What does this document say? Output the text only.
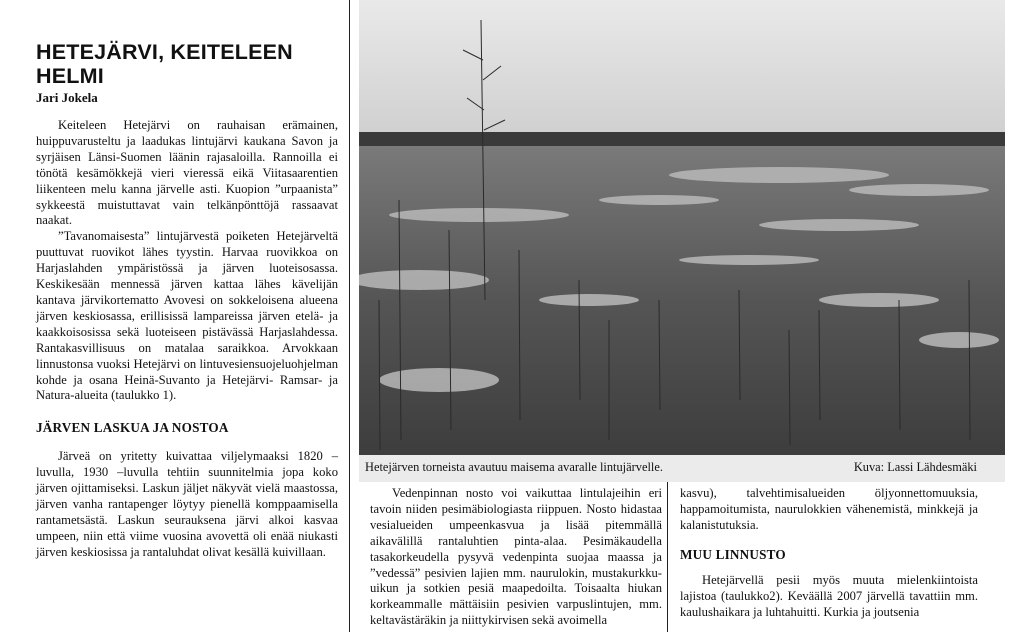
HETEJÄRVI, KEITELEEN HELMI
Jari Jokela

Keiteleen Hetejärvi on rauhaisan erämainen, huippuvarusteltu ja laadukas lintujärvi kaukana Savon ja syrjäisen Länsi-Suomen läänin rajasaloilla. Rannoilla ei tönötä kesämökkejä vieri vieressä eikä Viitasaarentien liikenteen melu kanna järvelle asti. Kuopion ”urpaanista” sykkeestä muistuttavat vain telkänpönttöjä rassaavat naakat.

”Tavanomaisesta” lintujärvestä poiketen Hetejärveltä puuttuvat ruovikot lähes tyystin. Harvaa ruovikkoa on Harjaslahden ympäristössä ja järven luoteisosassa. Keskikesään mennessä järven kattaa lähes kävelijän kantava järvikortematto Avovesi on sokkeloisena alueena järven keskiosassa, erillisissä lampareissa järven etelä- ja kaakkoisosissa sekä luoteiseen pistävässä Harjaslahdessa. Rantakasvillisuus on matalaa saraikkoa. Arvokkaan linnustonsa vuoksi Hetejärvi on lintuvesiensuojeluohjelman kohde ja osana Heinä-Suvanto ja Hetejärvi- Ramsar- ja Natura-alueita (taulukko 1).

JÄRVEN LASKUA JA NOSTOA

Järveä on yritetty kuivattaa viljelymaaksi 1820 –luvulla, 1930 –luvulla tehtiin suunnitelmia jopa koko järven ojittamiseksi. Laskun jäljet näkyvät vielä maastossa, järven vanha rantapenger löytyy pienellä komppaamisella rantametsästä. Laskun seurauksena järvi alkoi kasvaa umpeen, niin että viime vuosina avovettä oli enää niukasti järven keskiosissa ja rantaluhdat olivat kesällä kuivillaan.

Hetejärven torneista avautuu maisema avaralle lintujärvelle.	Kuva: Lassi Lähdesmäki

Vedenpinnan nosto voi vaikuttaa lintulajeihin eri tavoin niiden pesimäbiologiasta riippuen. Nosto hidastaa vesialueiden umpeenkasvua ja lisää pitemmällä aikavälillä rantaluhtien pinta-alaa. Pesimäkaudella tasakorkeudella pysyvä vedenpinta suojaa maassa ja ”vedessä” pesivien lajien mm. naurulokin, mustakurkku-uikun ja sotkien pesiä maapedoilta. Toisaalta hiukan korkeammalle mättäisiin pesivien varpuslintujen, mm. keltavästäräkin ja niittykirvisen sekä avoimella

kasvu), talvehtimisalueiden öljyonnettomuuksia, happamoitumista, naurulokkien vähenemistä, minkkejä ja kalanistutuksia.

MUU LINNUSTO

Hetejärvellä pesii myös muuta mielenkiintoista lajistoa (taulukko2). Keväällä 2007 järvellä tavattiin mm. kaulushaikara ja luhtahuitti. Kurkia ja joutsenia
